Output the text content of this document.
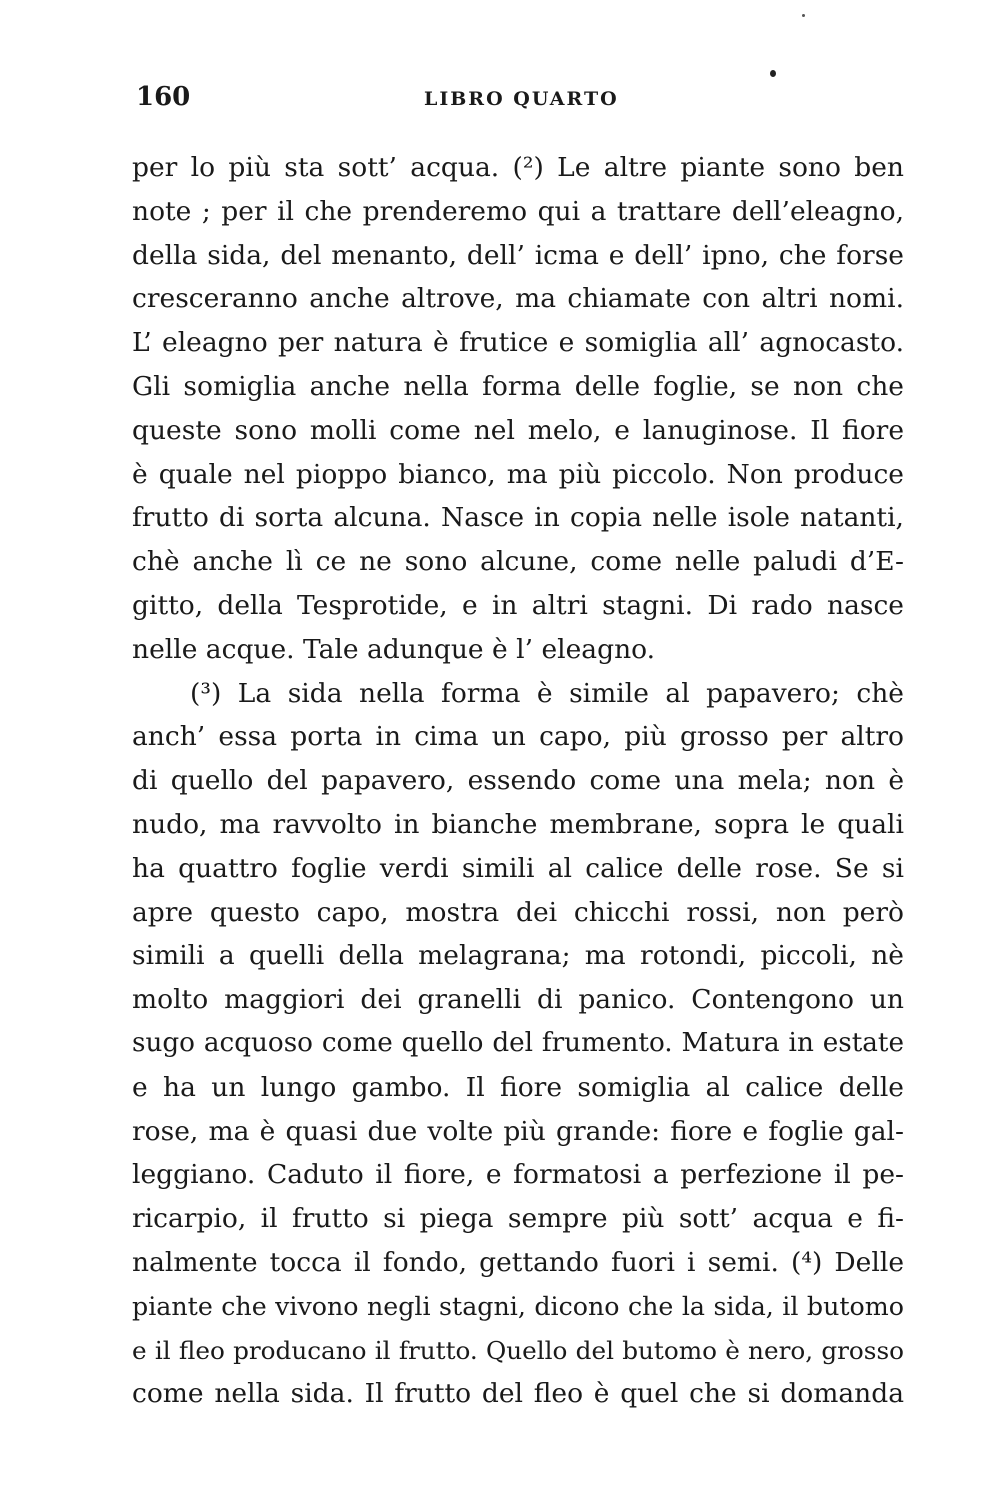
160	LIBRO QUARTO
per lo più sta sott’ acqua. (²) Le altre piante sono ben
note ; per il che prenderemo qui a trattare dell’eleagno,
della sida, del menanto, dell’ icma e dell’ ipno, che forse
cresceranno anche altrove, ma chiamate con altri nomi.
L’ eleagno per natura è frutice e somiglia all’ agnocasto.
Gli somiglia anche nella forma delle foglie, se non che
queste sono molli come nel melo, e lanuginose. Il fiore
è quale nel pioppo bianco, ma più piccolo. Non produce
frutto di sorta alcuna. Nasce in copia nelle isole natanti,
chè anche lì ce ne sono alcune, come nelle paludi d’E-
gitto, della Tesprotide, e in altri stagni. Di rado nasce
nelle acque. Tale adunque è l’ eleagno.
(³) La sida nella forma è simile al papavero; chè
anch’ essa porta in cima un capo, più grosso per altro
di quello del papavero, essendo come una mela; non è
nudo, ma ravvolto in bianche membrane, sopra le quali
ha quattro foglie verdi simili al calice delle rose. Se si
apre questo capo, mostra dei chicchi rossi, non però
simili a quelli della melagrana; ma rotondi, piccoli, nè
molto maggiori dei granelli di panico. Contengono un
sugo acquoso come quello del frumento. Matura in estate
e ha un lungo gambo. Il fiore somiglia al calice delle
rose, ma è quasi due volte più grande: fiore e foglie gal-
leggiano. Caduto il fiore, e formatosi a perfezione il pe-
ricarpio, il frutto si piega sempre più sott’ acqua e fi-
nalmente tocca il fondo, gettando fuori i semi. (⁴) Delle
piante che vivono negli stagni, dicono che la sida, il butomo
e il fleo producano il frutto. Quello del butomo è nero, grosso
come nella sida. Il frutto del fleo è quel che si domanda
